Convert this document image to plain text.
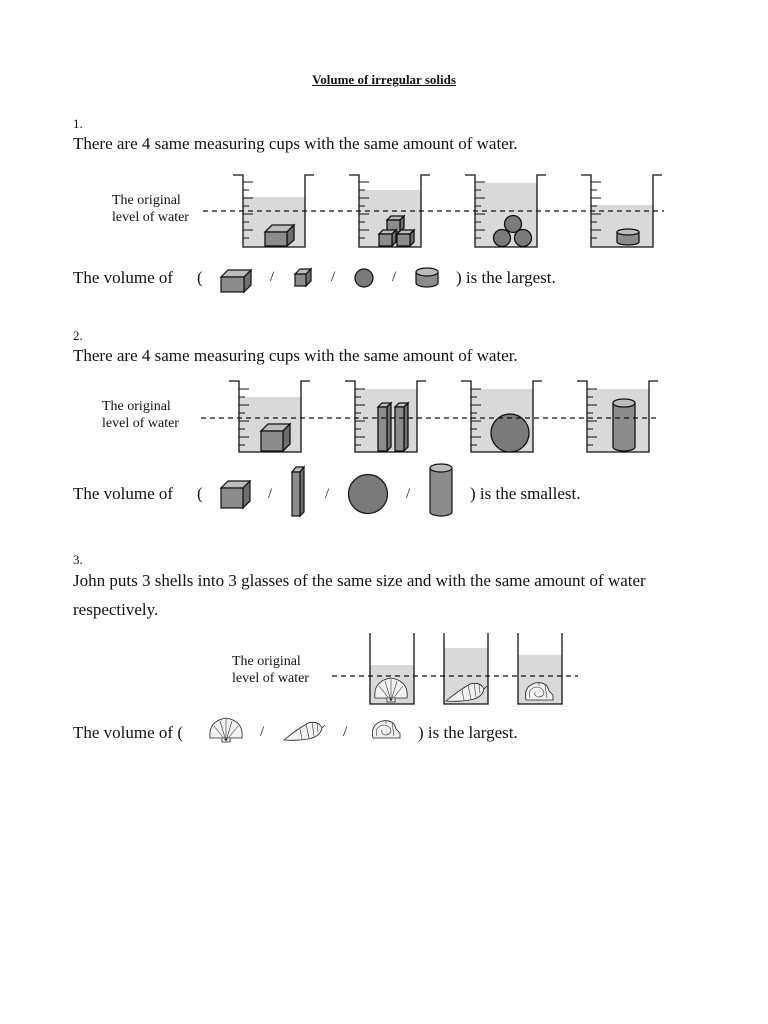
Volume of irregular solids
1.
There are 4 same measuring cups with the same amount of water.
The original
level of water
The volume of (	/	/	/	) is the largest.
2.
There are 4 same measuring cups with the same amount of water.
The original
level of water
The volume of (	/	/	/	) is the smallest.
3.
John puts 3 shells into 3 glasses of the same size and with the same amount of water
respectively.
The original
level of water
The volume of (	/	/	) is the largest.
